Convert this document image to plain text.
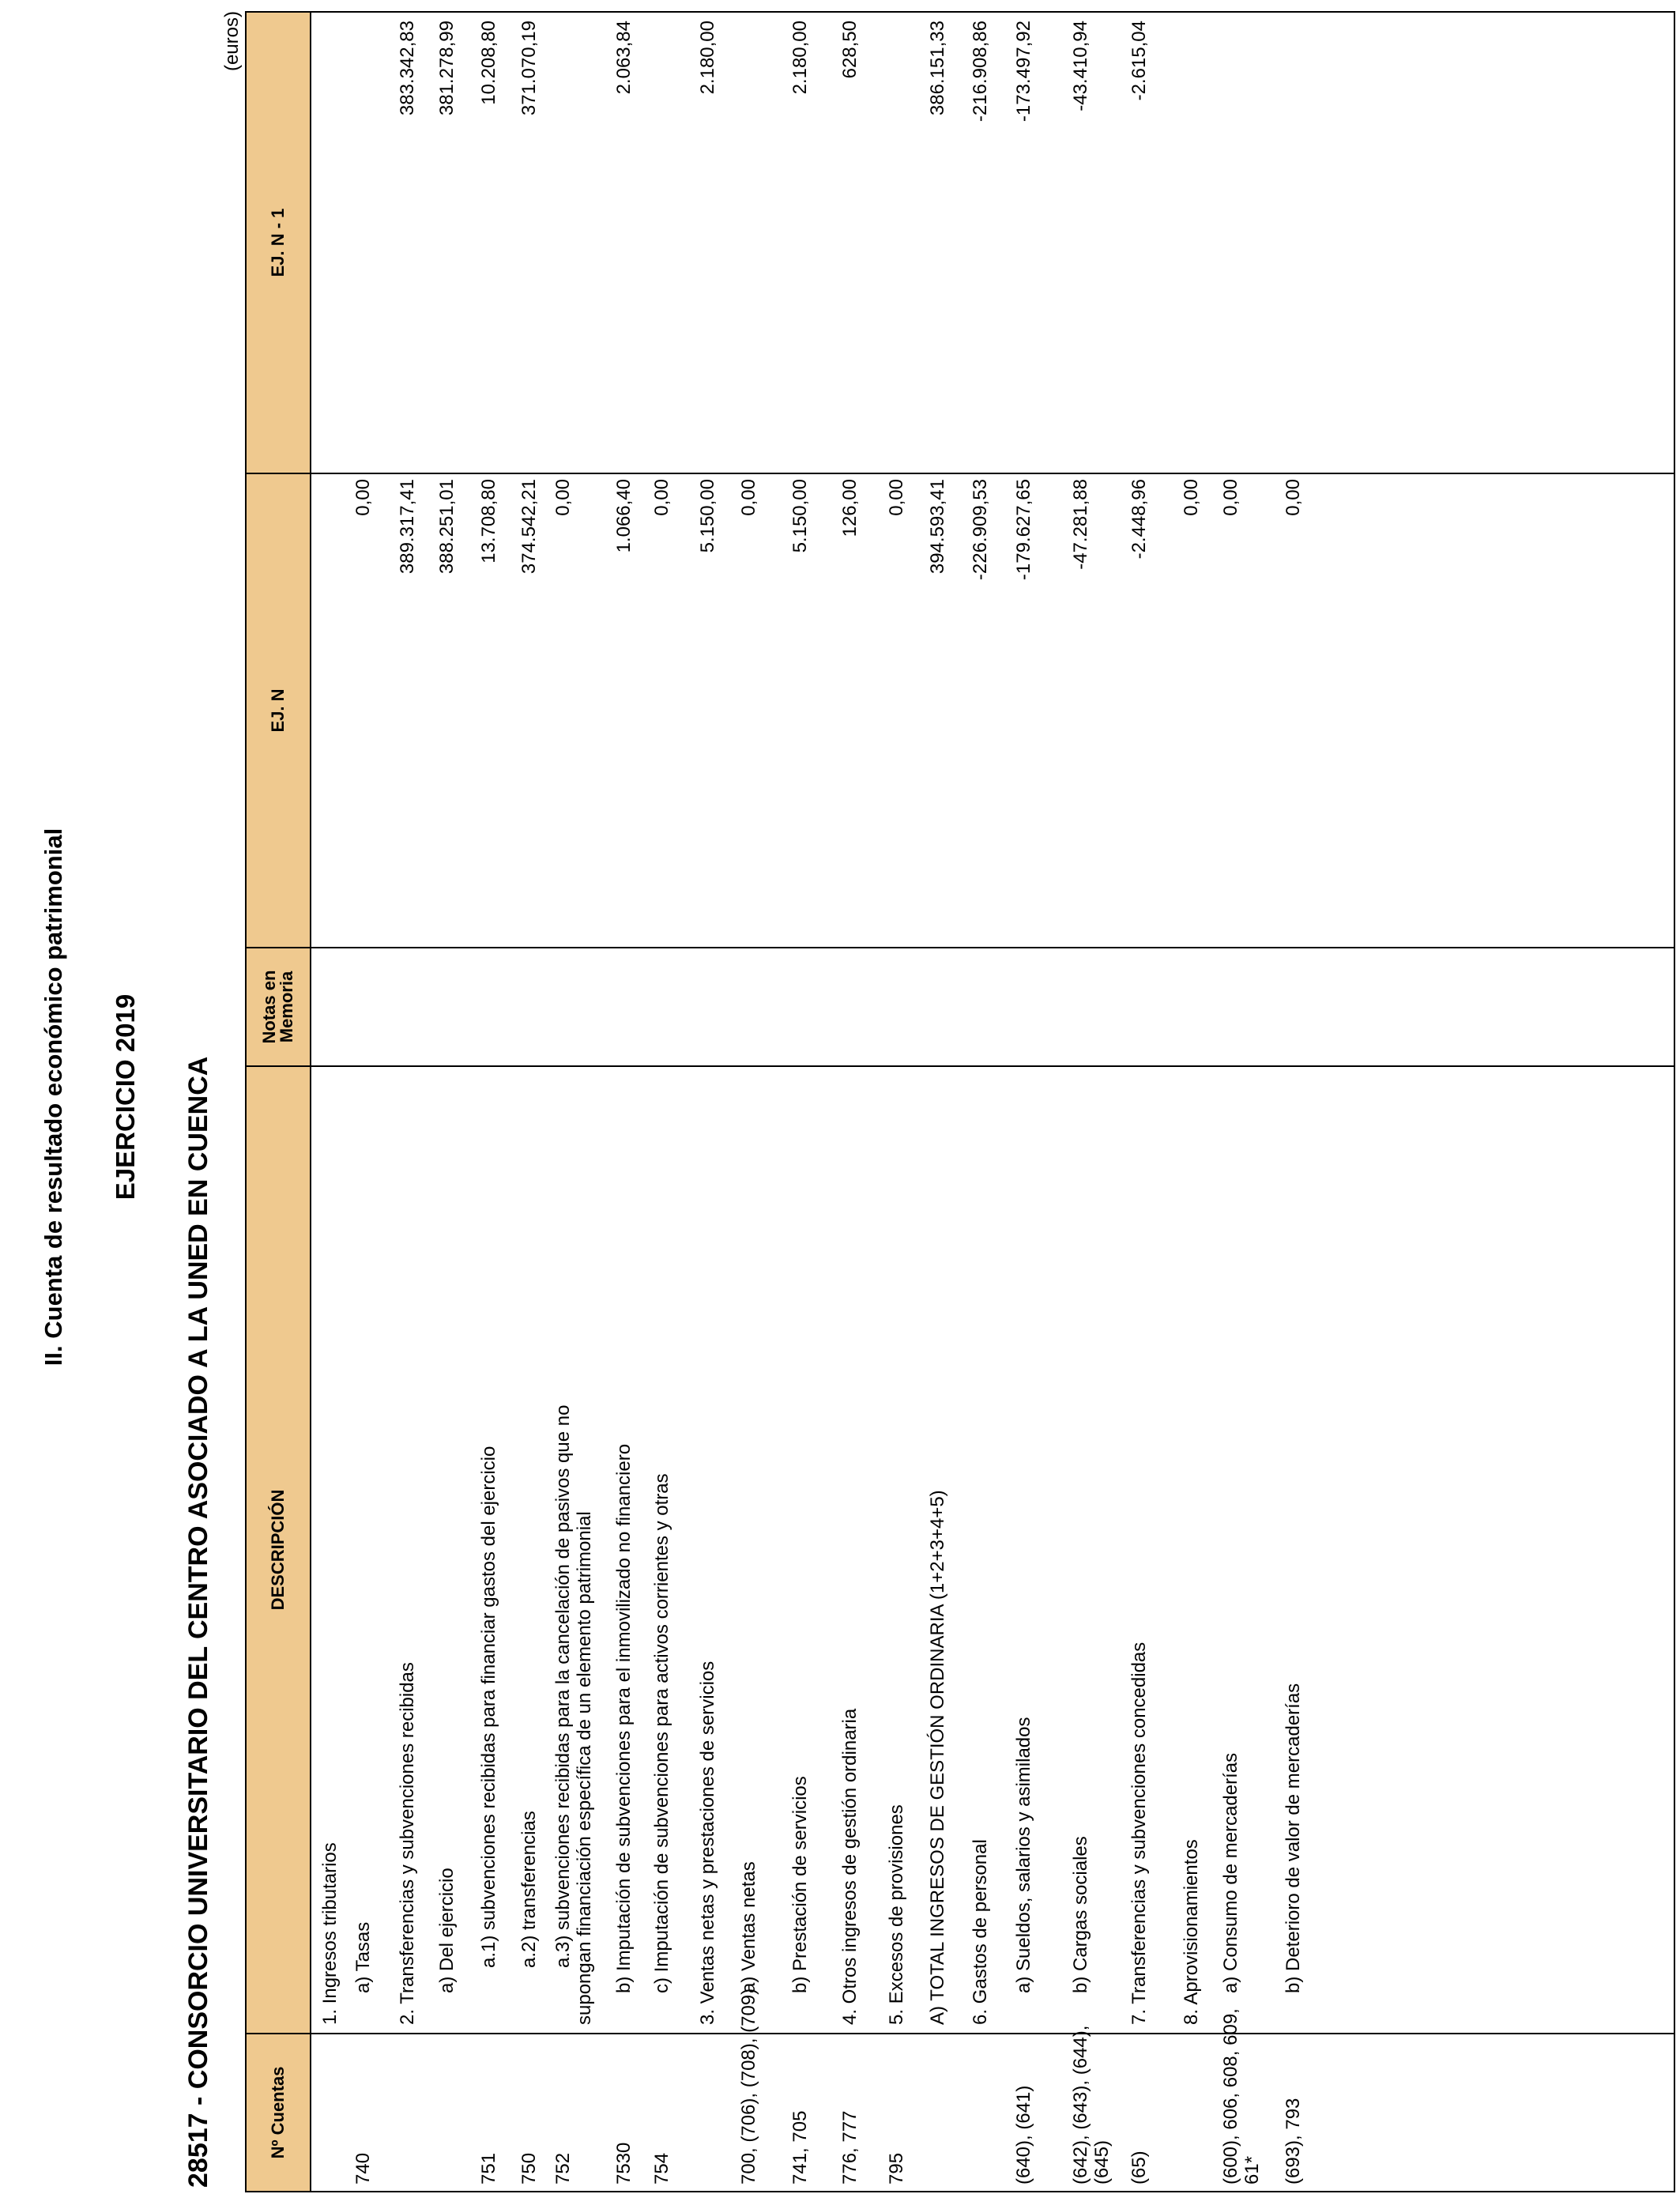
II. Cuenta de resultado económico patrimonial EJERCICIO 2019 28517 - CONSORCIO UNIVERSITARIO DEL CENTRO ASOCIADO A LA UNED EN CUENCA
(euros)
Nº Cuentas
DESCRIPCIÓN
Notas en Memoria
EJ. N
EJ. N - 1
1. Ingresos tributarios
740
a) Tasas
0,00
2. Transferencias y subvenciones recibidas
389.317,41
383.342,83
a) Del ejercicio
388.251,01
381.278,99
751
a.1) subvenciones recibidas para financiar gastos del ejercicio
13.708,80
10.208,80
750
a.2) transferencias
374.542,21
371.070,19
752
a.3) subvenciones recibidas para la cancelación de pasivos que no supongan financiación específica de un elemento patrimonial
0,00
7530
b) Imputación de subvenciones para el inmovilizado no financiero
1.066,40
2.063,84
754
c) Imputación de subvenciones para activos corrientes y otras
0,00
3. Ventas netas y prestaciones de servicios
5.150,00
2.180,00
700, (706), (708), (709)
a) Ventas netas
0,00
741, 705
b) Prestación de servicios
5.150,00
2.180,00
776, 777
4. Otros ingresos de gestión ordinaria
126,00
628,50
795
5. Excesos de provisiones
0,00
A) TOTAL INGRESOS DE GESTIÓN ORDINARIA (1+2+3+4+5)
394.593,41
386.151,33
6. Gastos de personal
-226.909,53
-216.908,86
(640), (641)
a) Sueldos, salarios y asimilados
-179.627,65
-173.497,92
(642), (643), (644), (645)
b) Cargas sociales
-47.281,88
-43.410,94
(65)
7. Transferencias y subvenciones concedidas
-2.448,96
-2.615,04
8. Aprovisionamientos
0,00
(600), 606, 608, 609, 61*
a) Consumo de mercaderías
0,00
(693), 793
b) Deterioro de valor de mercaderías
0,00
